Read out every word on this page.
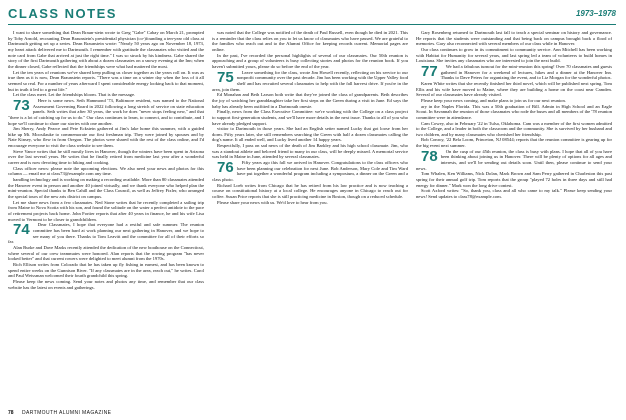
CLASS NOTES	1973–1978

I want to share something that Dean Braun-stein wrote to Greg "Gabe" Cabay on March 21, prompted by Toby Arnold, recounting Dean Braunstein's presidential physician (co-)founding a ten-year old class at Dartmouth getting set up a series. Dean Braunstein wrote: "Nearly 50 years ago on November 18, 1973, my heart attack delivered me to Dartmouth. I remember with gratitude the classmates who visited and the note card from Gabe that arrived at just the right time." I was so struck by his kindness. Gabe shared the story of the first Dartmouth gathering with about a dozen classmates on a snowy evening at the Inn; when the dinner closed, Gabe reflected that the friendships were what had mattered the most.

Let the ten years of reunions we've shared keep pulling us closer together as the years roll on. It was as true then as it is now, Dean Braunstein reports. "There was a time on a winter day when the loss of it all seemed so real. For a number of years afterward I spent considerable energy looking back to that moment, but in truth it led to a great life."

Let the class meet. Let the friendships bloom. That is the message.

73 Here is some news. Seth Hammond '73, Baltimore resident, was named to the National Assessment Governing Board in 2022 following a long stretch of service on state education panels. Seth writes that after 30 years, the work he does "never stops feeling new," and that "there is a lot of catching up for us to do." Our class continues to learn, to connect, and to contribute, and I hope we'll continue to share our stories with one another.

Jim Sherry, Andy Pearce and Pete Eckstein gathered at Jim's lake home this summer, with a guided hike up Mt. Moosilauke to commemorate our first freshman trip. They were joined by spouses and by Nate Kinsey, who flew in from Oregon. The photos were shared with the rest of the class online, and I'd encourage everyone to visit the class website to see them.

Steve Vance writes that he still mostly lives in Hanover, though the winters have been spent in Arizona over the last several years. He writes that he finally retired from medicine last year after a wonderful career and is now devoting time to hiking and cooking.

Class officer news: please note the upcoming elections. We also need your news and photos for this column — email me at class73@example.com any time.

handling technology and is working on making a recording available. More than 80 classmates attended the Hanover event in person and another 40 joined virtually, and we thank everyone who helped plan the mini-reunion. Special thanks to Ben Cahill and the Class Council, as well as Jeffrey Fixler, who arranged the special tours of the new arts district on campus.

Let me share news from a few classmates. Ned Stone writes that he recently completed a sailing trip from Maine to Nova Scotia with his son, and found the solitude on the water a perfect antidote to the pace of retirement projects back home. John Fortier reports that after 40 years in finance, he and his wife Lisa moved to Vermont to be closer to grandchildren.

74 Dear Classmates, I hope that everyone had a restful and safe summer. The reunion committee has been hard at work planning our next gathering in Hanover, and we hope to see many of you there. Thanks to Tom Leavitt and the committee for all of their efforts so far.

Alan Burke and Dave Marks recently attended the dedication of the new boathouse on the Connecticut, where several of our crew teammates were honored. Alan reports that the rowing program "has never looked better" and that current rowers were delighted to meet alumni from the 1970s.

Rich Ellison writes from Colorado that he has taken up fly fishing in earnest, and has been known to spend entire weeks on the Gunnison River. "If any classmates are in the area, reach out," he writes. Carol and Paul Weissman welcomed their fourth grandchild this spring.

Please keep the news coming. Send your notes and photos any time, and remember that our class website has the latest on events and gatherings.

was noted that the College was notified of the death of Paul Russell, even though he died in 2021. This is a reminder that the class relies on you to let us know of classmates who have passed. We are grateful to the families who reach out and to the Alumni Office for keeping records current. Memorial pages are online.

In the past, I've recorded the personal highlights of several of our classmates. Our 50th reunion is approaching and a group of volunteers is busy collecting stories and photos for the reunion book. If you haven't submitted yours, please do so before the end of the year.

75 Leave something for the class, wrote Jim Howell recently, reflecting on his service to our nonprofit community over the past decade. Jim has been working with the Upper Valley food shelf and has recruited several classmates to help with the fall harvest drive. If you're in the area, join them.

Ed Monahan and Beth Larson both write that they've joined the class of grandparents. Beth describes the joy of watching her granddaughter take her first steps on the Green during a visit in June. Ed says the baby has already been outfitted in a Dartmouth onesie.

Finally, news from the Class Executive Committee: we're working with the College on a class project to support first-generation students, and we'll have more details in the next issue. Thanks to all of you who have already pledged support.

visitor to Dartmouth in those years. She had an English setter named Lucky that got loose from her dorm. Fifty years later, she still remembers searching the Green with half a dozen classmates calling the dog's name. It all ended well, and Lucky lived another 14 happy years.

Respectfully, I pass on sad news of the death of Jim Barkley and his high school classmate. Jim, who was a standout athlete and beloved friend to many in our class, will be deeply missed. A memorial service was held in Maine in June, attended by several classmates.

76 Fifty years ago this fall we arrived in Hanover. Congratulations to the class officers who have been planning our celebration for next June. Bob Anderson, Mary Cole and Tim Ward have put together a wonderful program including a symposium, a dinner on the Green and a class photo.

Richard Loeb writes from Chicago that he has retired from his law practice and is now teaching a course on constitutional history at a local college. He encourages anyone in Chicago to reach out for coffee. Susan Price reports that she is still practicing medicine in Boston, though on a reduced schedule.

Please share your news with us. We'd love to hear from you.

Gary Rosenberg returned to Dartmouth last fall to teach a special seminar on history and governance. He reports that the students were outstanding and that being back on campus brought back a flood of memories. Gary also reconnected with several members of our class while in Hanover.

Our class continues to grow in its commitment to community service. Ann Mitchell has been working with Habitat for Humanity for several years, and last spring led a team of volunteers to build homes in Louisiana. She invites any classmates who are interested to join the next build.

77 We had a fabulous turnout for the mini-reunion this spring! Over 70 classmates and guests gathered in Hanover for a weekend of lectures, hikes and a dinner at the Hanover Inn. Thanks to Dave Peters for organizing the event, and to Liz Morgan for the wonderful photos.

Karen White writes that she recently finished her third novel, which will be published next spring. Tom Ellis and his wife have moved to Maine, where they are building a home on the coast near Camden. Several of our classmates have already visited.

Please keep your news coming, and make plans to join us for our next reunion.

ary in the Naples Florida. This was a 50th graduation of Bill. Admin in High School and an Eagle Scout. In Savannah the reunion of those classmates who rode the buses and all members of the '78 reunion committee were in attendance.

Cam Cowey, also in February '22 in Tulsa, Oklahoma. Cam was a member of the first women admitted to the College, and a leader in both the classroom and the community. She is survived by her husband and two children, and by many classmates who cherished her friendship.

Bob Conroy, '22 Bela Loom, Princeton, NJ 08544; reports that the reunion committee is gearing up for the big event next summer.

78 On the cusp of our 45th reunion, the class is busy with plans. I hope that all of you have been thinking about joining us in Hanover. There will be plenty of options for all ages and interests, and we'll be sending out details soon. Until then, please continue to send your news.

Tom Whalen, Ken Williams, Nick Dolan, Mark Brown and Sam Perry gathered in Charleston this past spring for their annual golf trip. Tom reports that the group "played 72 holes in three days and still had energy for dinner." Mark won the long drive contest.

Scott Axford writes: "So, thank you, class and all who came to my talk." Please keep sending your news! Send updates to class78@example.com.

78 DARTMOUTH ALUMNI MAGAZINE
